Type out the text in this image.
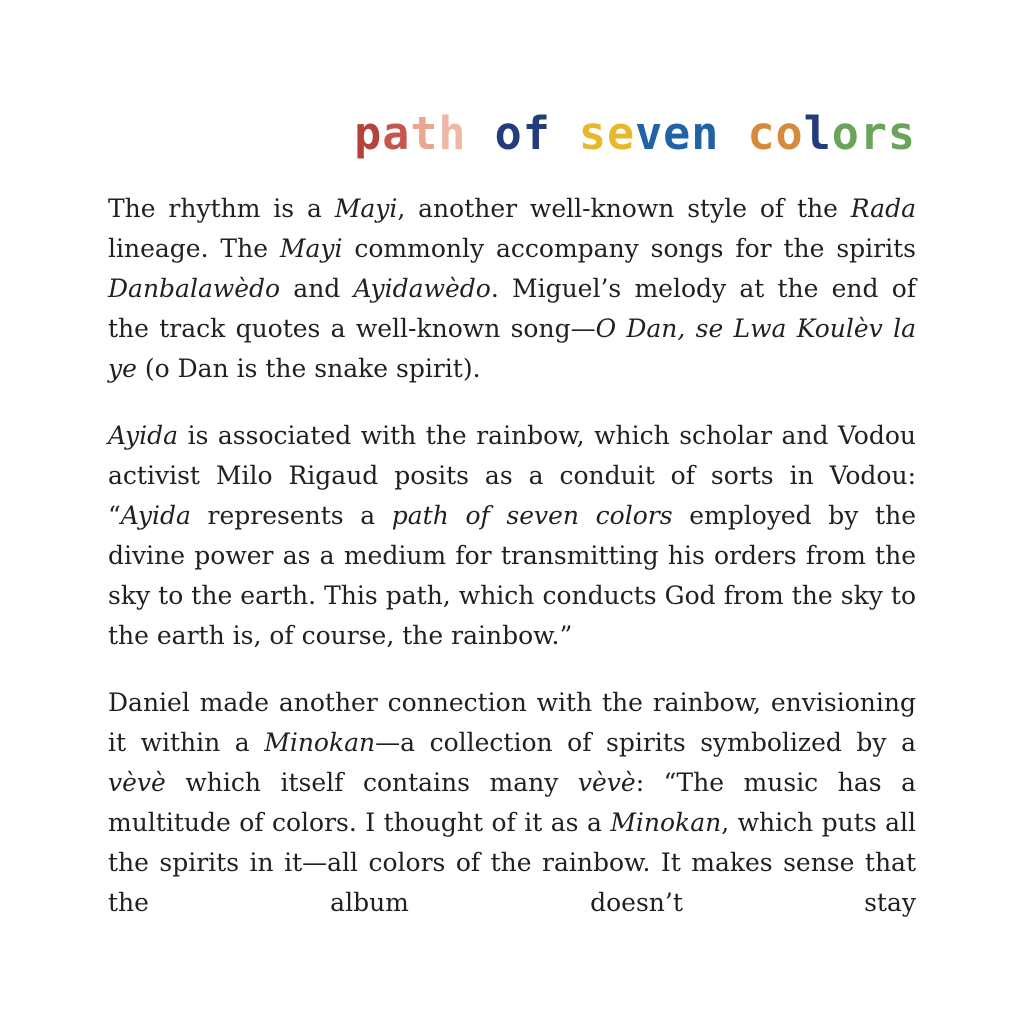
path of seven colors

The rhythm is a Mayi, another well-known style of the Rada lineage. The Mayi commonly accompany songs for the spirits Danbalawèdo and Ayidawèdo. Miguel’s melody at the end of the track quotes a well-known song—O Dan, se Lwa Koulèv la ye (o Dan is the snake spirit).

Ayida is associated with the rainbow, which scholar and Vodou activist Milo Rigaud posits as a conduit of sorts in Vodou: “Ayida represents a path of seven colors employed by the divine power as a medium for transmitting his orders from the sky to the earth. This path, which conducts God from the sky to the earth is, of course, the rainbow.”

Daniel made another connection with the rainbow, envisioning it within a Minokan—a collection of spirits symbolized by a vèvè which itself contains many vèvè: “The music has a multitude of colors. I thought of it as a Minokan, which puts all the spirits in it—all colors of the rainbow. It makes sense that the album doesn’t stay
